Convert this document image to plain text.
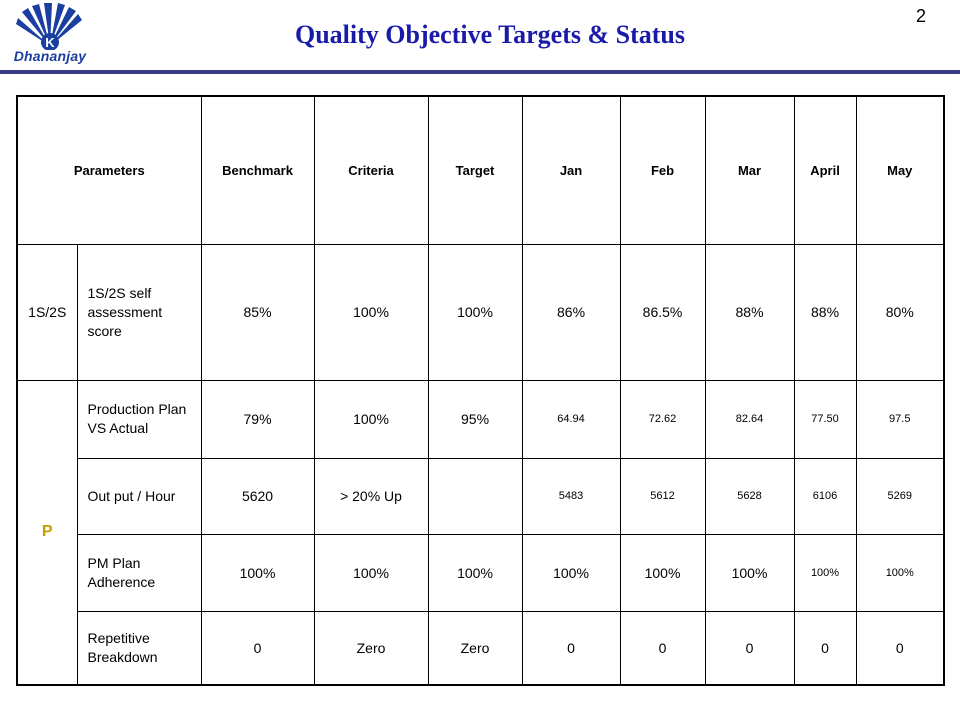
K
Dhananjay
Quality Objective Targets & Status
2
Parameters		Benchmark	Criteria	Target	Jan	Feb	Mar	April	May
1S/2S	1S/2S self assessment score	85%	100%	100%	86%	86.5%	88%	88%	80%
P	Production Plan VS Actual	79%	100%	95%	64.94	72.62	82.64	77.50	97.5
	Out put / Hour	5620	> 20% Up		5483	5612	5628	6106	5269
	PM Plan Adherence	100%	100%	100%	100%	100%	100%	100%	100%
	Repetitive Breakdown	0	Zero	Zero	0	0	0	0	0
